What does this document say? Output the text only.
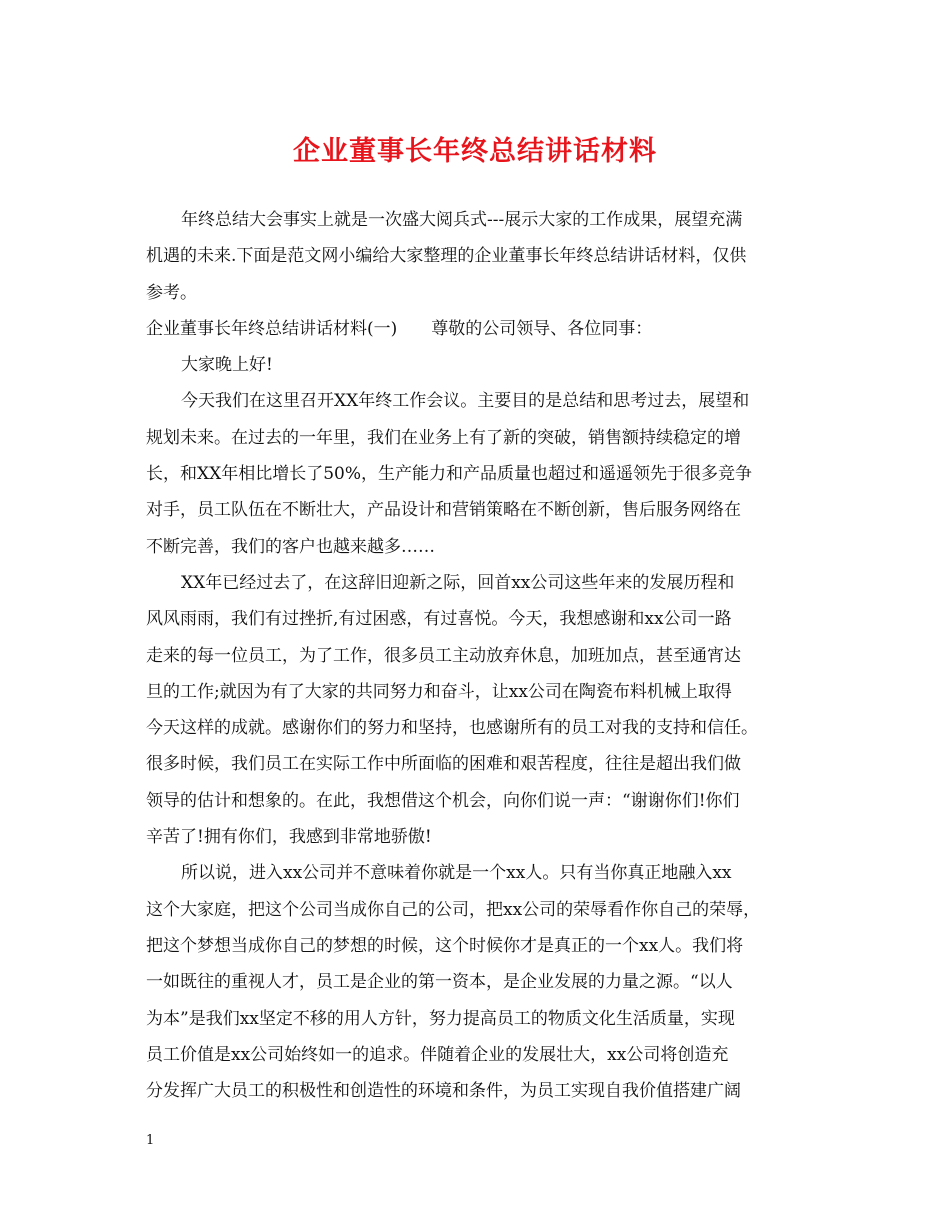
企业董事长年终总结讲话材料
年终总结大会事实上就是一次盛大阅兵式---展示大家的工作成果，展望充满
机遇的未来.下面是范文网小编给大家整理的企业董事长年终总结讲话材料，仅供
参考。
企业董事长年终总结讲话材料(一)　　尊敬的公司领导、各位同事：
大家晚上好!
今天我们在这里召开XX年终工作会议。主要目的是总结和思考过去，展望和
规划未来。在过去的一年里，我们在业务上有了新的突破，销售额持续稳定的增
长，和XX年相比增长了50%，生产能力和产品质量也超过和遥遥领先于很多竞争
对手，员工队伍在不断壮大，产品设计和营销策略在不断创新，售后服务网络在
不断完善，我们的客户也越来越多……
XX年已经过去了，在这辞旧迎新之际，回首xx公司这些年来的发展历程和
风风雨雨，我们有过挫折,有过困惑，有过喜悦。今天，我想感谢和xx公司一路
走来的每一位员工，为了工作，很多员工主动放弃休息，加班加点，甚至通宵达
旦的工作;就因为有了大家的共同努力和奋斗，让xx公司在陶瓷布料机械上取得
今天这样的成就。感谢你们的努力和坚持，也感谢所有的员工对我的支持和信任。
很多时候，我们员工在实际工作中所面临的困难和艰苦程度，往往是超出我们做
领导的估计和想象的。在此，我想借这个机会，向你们说一声：“谢谢你们!你们
辛苦了!拥有你们，我感到非常地骄傲!
所以说，进入xx公司并不意味着你就是一个xx人。只有当你真正地融入xx
这个大家庭，把这个公司当成你自己的公司，把xx公司的荣辱看作你自己的荣辱，
把这个梦想当成你自己的梦想的时候，这个时候你才是真正的一个xx人。我们将
一如既往的重视人才，员工是企业的第一资本，是企业发展的力量之源。“以人
为本”是我们xx坚定不移的用人方针，努力提高员工的物质文化生活质量，实现
员工价值是xx公司始终如一的追求。伴随着企业的发展壮大，xx公司将创造充
分发挥广大员工的积极性和创造性的环境和条件，为员工实现自我价值搭建广阔
1
